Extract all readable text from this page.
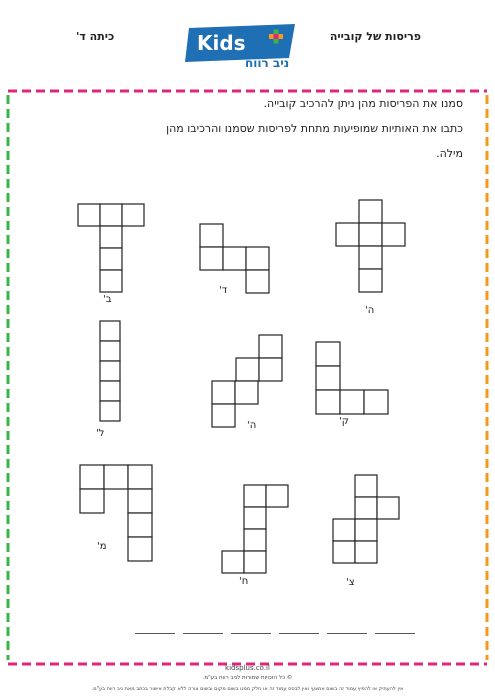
פריסות של קובייה
כיתה ד'	Kids
ניב רווח
סמנו את הפריסות מהן ניתן להרכיב קובייה.
כתבו את האותיות שמופיעות מתחת לפריסות שסמנו והרכיבו מהן
מילה.
ב'
ד'
ה'
ל'
ה'	ק'
מ'
ח'	צ'
kidsplus.co.il
© כל הזכויות שמורות לניב רווח בע"מ.
אין להעתיק או להפיץ עמוד זה בשום אמצעי ואין לבסס עמוד זה או חלק ממנו בשום מקום ובשום צורה ללא קבלת אישור בכתב מאת ניב רווח בע"מ.
